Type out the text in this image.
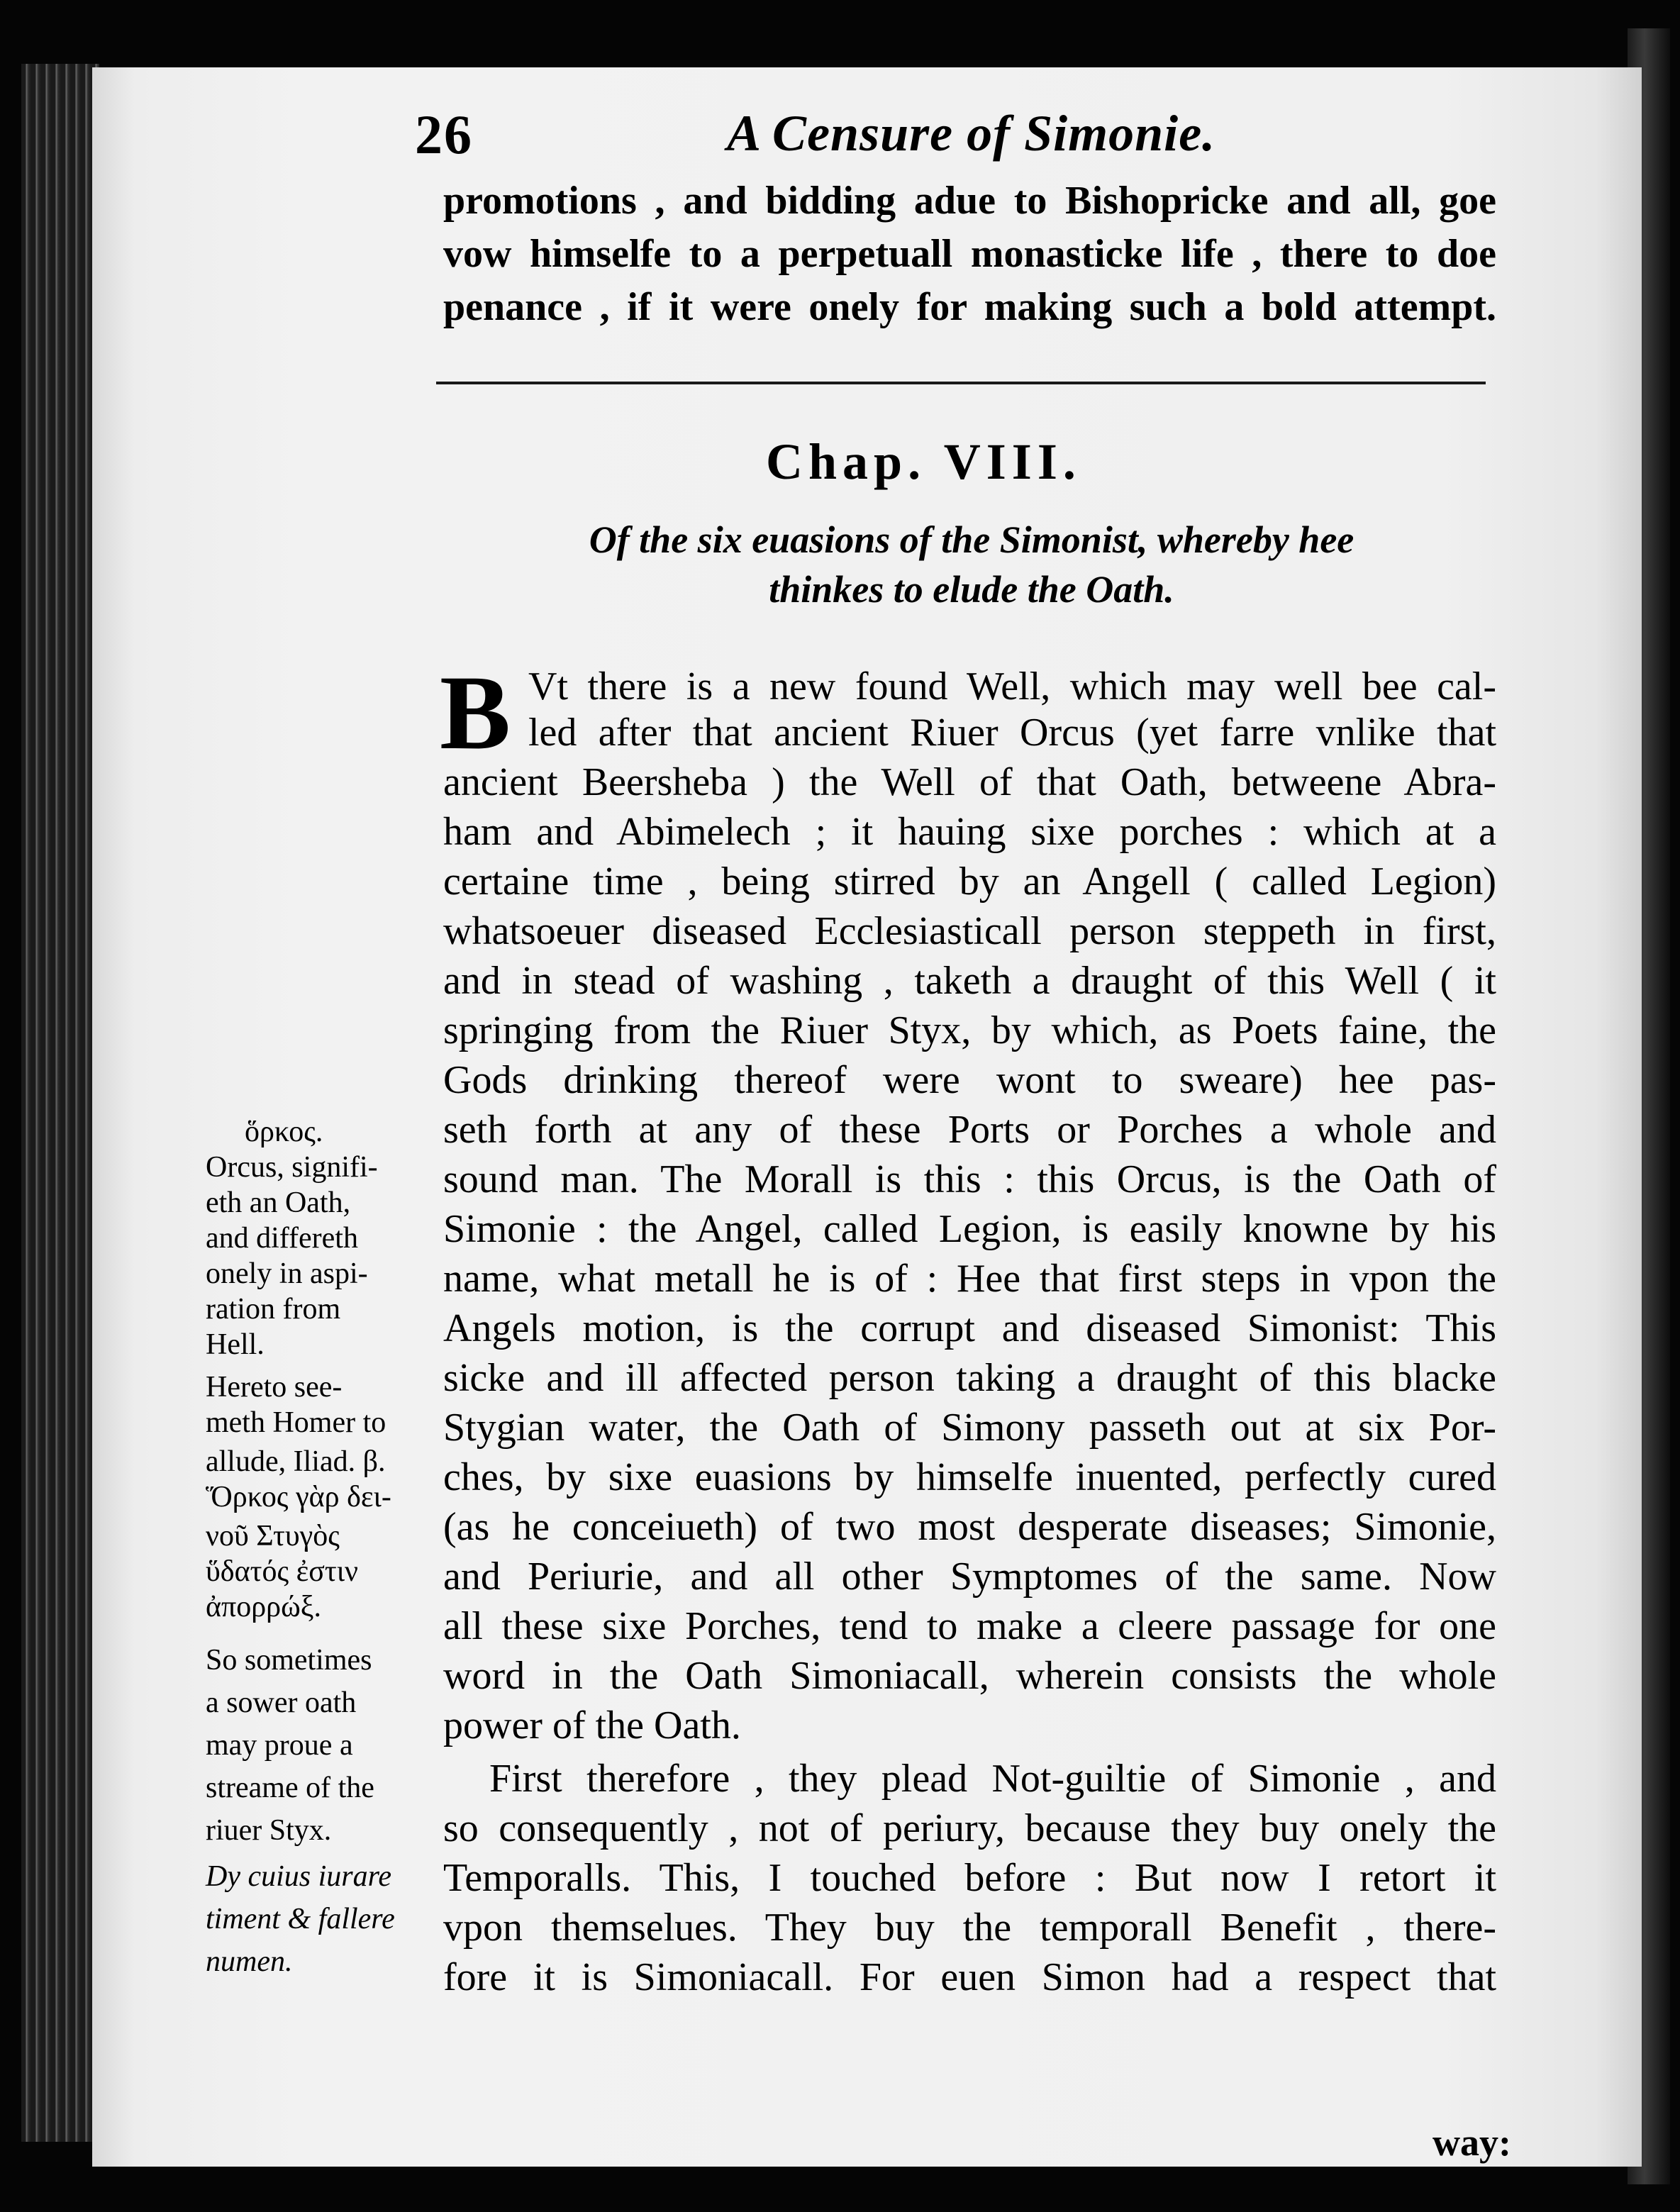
26	A Censure of Simonie.
promotions , and bidding adue to Bishopricke and all, goe
vow himselfe to a perpetuall monasticke life , there to doe
penance , if it were onely for making such a bold attempt.
Chap. VIII.
Of the six euasions of the Simonist, whereby hee
thinkes to elude the Oath.
B Vt there is a new found Well, which may well bee cal-
led after that ancient Riuer Orcus (yet farre vnlike that
ancient Beersheba ) the Well of that Oath, betweene Abra-
ham and Abimelech ; it hauing sixe porches : which at a
certaine time , being stirred by an Angell ( called Legion)
whatsoeuer diseased Ecclesiasticall person steppeth in first,
and in stead of washing , taketh a draught of this Well ( it
springing from the Riuer Styx, by which, as Poets faine, the
Gods drinking thereof were wont to sweare) hee pas-
seth forth at any of these Ports or Porches a whole and
sound man. The Morall is this : this Orcus, is the Oath of
Simonie : the Angel, called Legion, is easily knowne by his
name, what metall he is of : Hee that first steps in vpon the
Angels motion, is the corrupt and diseased Simonist: This
sicke and ill affected person taking a draught of this blacke
Stygian water, the Oath of Simony passeth out at six Por-
ches, by sixe euasions by himselfe inuented, perfectly cured
(as he conceiueth) of two most desperate diseases; Simonie,
and Periurie, and all other Symptomes of the same. Now
all these sixe Porches, tend to make a cleere passage for one
word in the Oath Simoniacall, wherein consists the whole
power of the Oath.
First therefore , they plead Not-guiltie of Simonie , and
so consequently , not of periury, because they buy onely the
Temporalls. This, I touched before : But now I retort it
vpon themselues. They buy the temporall Benefit , there-
fore it is Simoniacall. For euen Simon had a respect that
way:
ὅρκος.
Orcus, signifi-
eth an Oath,
and differeth
onely in aspi-
ration from
Hell.
Hereto see-
meth Homer to
allude, Iliad. β.
Ὅρκος γὰρ δει-
νοῦ Στυγὸς
ὕδατός ἐστιν
ἀπορρώξ.
So sometimes
a sower oath
may proue a
streame of the
riuer Styx.
Dy cuius iurare
timent & fallere
numen.
